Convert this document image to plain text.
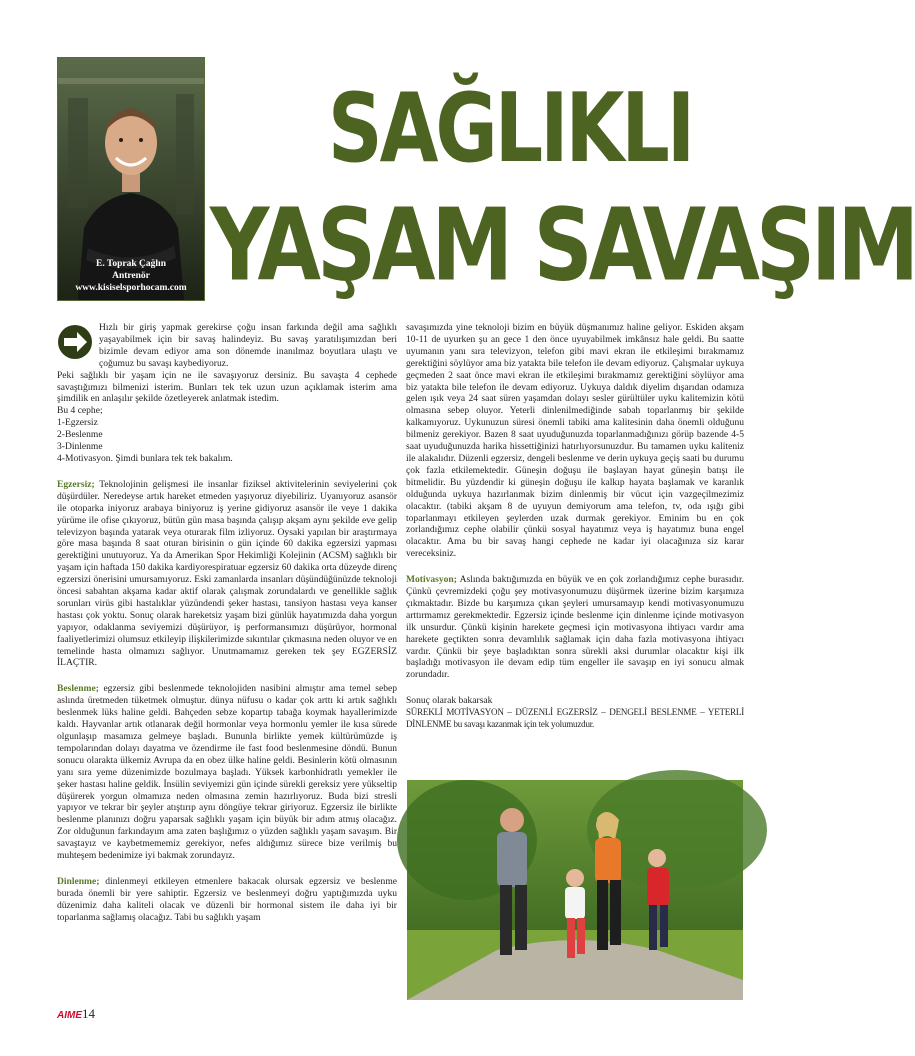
E. Toprak Çağlın
Antrenör
www.kisiselsporhocam.com
SAĞLIKLI
YAŞAM SAVAŞIM

Hızlı bir giriş yapmak gerekirse çoğu insan farkında değil ama sağlıklı yaşayabilmek için bir savaş halindeyiz. Bu savaş yaratılışımızdan beri bizimle devam ediyor ama son dönemde inanılmaz boyutlara ulaştı ve çoğumuz bu savaşı kaybediyoruz.

Peki sağlıklı bir yaşam için ne ile savaşıyoruz dersiniz. Bu savaşta 4 cephede savaştığımızı bilmenizi isterim. Bunları tek tek uzun uzun açıklamak isterim ama şimdilik en anlaşılır şekilde özetleyerek anlatmak istedim.

Bu 4 cephe;

1-Egzersiz

2-Beslenme

3-Dinlenme

4-Motivasyon. Şimdi bunlara tek tek bakalım.

Egzersiz; Teknolojinin gelişmesi ile insanlar fiziksel aktivitelerinin seviyelerini çok düşürdüler. Neredeyse artık hareket etmeden yaşıyoruz diyebiliriz. Uyanıyoruz asansör ile otoparka iniyoruz arabaya biniyoruz iş yerine gidiyoruz asansör ile veye 1 dakika yürüme ile ofise çıkıyoruz, bütün gün masa başında çalışıp akşam aynı şekilde eve gelip televizyon başında yatarak veya oturarak film izliyoruz. Oysaki yapılan bir araştırmaya göre masa başında 8 saat oturan birisinin o gün içinde 60 dakika egzersizi yapması gerektiğini unutuyoruz. Ya da Amerikan Spor Hekimliği Kolejinin (ACSM) sağlıklı bir yaşam için haftada 150 dakika kardiyorespiratuar egzersiz 60 dakika orta düzeyde direnç egzersizi önerisini umursamıyoruz. Eski zamanlarda insanları düşündüğünüzde teknoloji öncesi sabahtan akşama kadar aktif olarak çalışmak zorundalardı ve genellikle sağlık sorunları virüs gibi hastalıklar yüzündendi şeker hastası, tansiyon hastası veya kanser hastası çok yoktu. Sonuç olarak hareketsiz yaşam bizi günlük hayatımızda daha yorgun yapıyor, odaklanma seviyemizi düşürüyor, iş performansımızı düşürüyor, hormonal faaliyetlerimizi olumsuz etkileyip ilişkilerimizde sıkıntılar çıkmasına neden oluyor ve en temelinde hasta olmamızı sağlıyor. Unutmamamız gereken tek şey EGZERSİZ İLAÇTIR.

Beslenme; egzersiz gibi beslenmede teknolojiden nasibini almıştır ama temel sebep aslında üretmeden tüketmek olmuştur. dünya nüfusu o kadar çok arttı ki artık sağlıklı beslenmek lüks haline geldi. Bahçeden sebze kopartıp tabağa koymak hayallerimizde kaldı. Hayvanlar artık otlanarak değil hormonlar veya hormonlu yemler ile kısa sürede olgunlaşıp masamıza gelmeye başladı. Bununla birlikte yemek kültürümüzde iş tempolarından dolayı dayatma ve özendirme ile fast food beslenmesine döndü. Bunun sonucu olarakta ülkemiz Avrupa da en obez ülke haline geldi. Besinlerin kötü olmasının yanı sıra yeme düzenimizde bozulmaya başladı. Yüksek karbonhidratlı yemekler ile şeker hastası haline geldik. İnsülin seviyemizi gün içinde sürekli gereksiz yere yükseltip düşürerek yorgun olmamıza neden olmasına zemin hazırlıyoruz. Buda bizi stresli yapıyor ve tekrar bir şeyler atıştırıp aynı döngüye tekrar giriyoruz. Egzersiz ile birlikte beslenme planınızı doğru yaparsak sağlıklı yaşam için büyük bir adım atmış olacağız. Zor olduğunun farkındayım ama zaten başlığımız o yüzden sağlıklı yaşam savaşım. Bir savaştayız ve kaybetmememiz gerekiyor, nefes aldığımız sürece bize verilmiş bu muhteşem bedenimize iyi bakmak zorundayız.

Dinlenme; dinlenmeyi etkileyen etmenlere bakacak olursak egzersiz ve beslenme burada önemli bir yere sahiptir. Egzersiz ve beslenmeyi doğru yaptığımızda uyku düzenimiz daha kaliteli olacak ve düzenli bir hormonal sistem ile daha iyi bir toparlanma sağlamış olacağız. Tabi bu sağlıklı yaşam

savaşımızda yine teknoloji bizim en büyük düşmanımız haline geliyor. Eskiden akşam 10-11 de uyurken şu an gece 1 den önce uyuyabilmek imkânsız hale geldi. Bu saatte uyumanın yanı sıra televizyon, telefon gibi mavi ekran ile etkileşimi bırakmamız gerektiğini söylüyor ama biz yatakta bile telefon ile devam ediyoruz. Çalışmalar uykuya geçmeden 2 saat önce mavi ekran ile etkileşimi bırakmamız gerektiğini söylüyor ama biz yatakta bile telefon ile devam ediyoruz. Uykuya daldık diyelim dışarıdan odamıza gelen ışık veya 24 saat süren yaşamdan dolayı sesler gürültüler uyku kalitemizin kötü olmasına sebep oluyor. Yeterli dinlenilmediğinde sabah toparlanmış bir şekilde kalkamıyoruz. Uykunuzun süresi önemli tabiki ama kalitesinin daha önemli olduğunu bilmeniz gerekiyor. Bazen 8 saat uyuduğunuzda toparlanmadığınızı görüp bazende 4-5 saat uyuduğunuzda harika hissettiğinizi hatırlıyorsunuzdur. Bu tamamen uyku kaliteniz ile alakalıdır. Düzenli egzersiz, dengeli beslenme ve derin uykuya geçiş saati bu durumu çok fazla etkilemektedir. Güneşin doğuşu ile başlayan hayat güneşin batışı ile bitmelidir. Bu yüzdendir ki güneşin doğuşu ile kalkıp hayata başlamak ve karanlık olduğunda uykuya hazırlanmak bizim dinlenmiş bir vücut için vazgeçilmezimiz olacaktır. (tabiki akşam 8 de uyuyun demiyorum ama telefon, tv, oda ışığı gibi toparlanmayı etkileyen şeylerden uzak durmak gerekiyor. Eminim bu en çok zorlandığımız cephe olabilir çünkü sosyal hayatımız veya iş hayatımız buna engel olacaktır. Ama bu bir savaş hangi cephede ne kadar iyi olacağınıza siz karar vereceksiniz.

Motivasyon; Aslında baktığımızda en büyük ve en çok zorlandığımız cephe burasıdır. Çünkü çevremizdeki çoğu şey motivasyonumuzu düşürmek üzerine bizim karşımıza çıkmaktadır. Bizde bu karşımıza çıkan şeyleri umursamayıp kendi motivasyonumuzu arttırmamız gerekmektedir. Egzersiz içinde beslenme için dinlenme içinde motivasyon ilk unsurdur. Çünkü kişinin harekete geçmesi için motivasyona ihtiyacı vardır ama harekete geçtikten sonra devamlılık sağlamak için daha fazla motivasyona ihtiyacı vardır. Çünkü bir şeye başladıktan sonra sürekli aksi durumlar olacaktır kişi ilk başladığı motivasyon ile devam edip tüm engeller ile savaşıp en iyi sonucu almak zorundadır.

Sonuç olarak bakarsak

SÜREKLİ MOTİVASYON – DÜZENLİ EGZERSİZ – DENGELİ BESLENME – YETERLİ DİNLENME bu savaşı kazanmak için tek yolumuzdur.

AIME14
